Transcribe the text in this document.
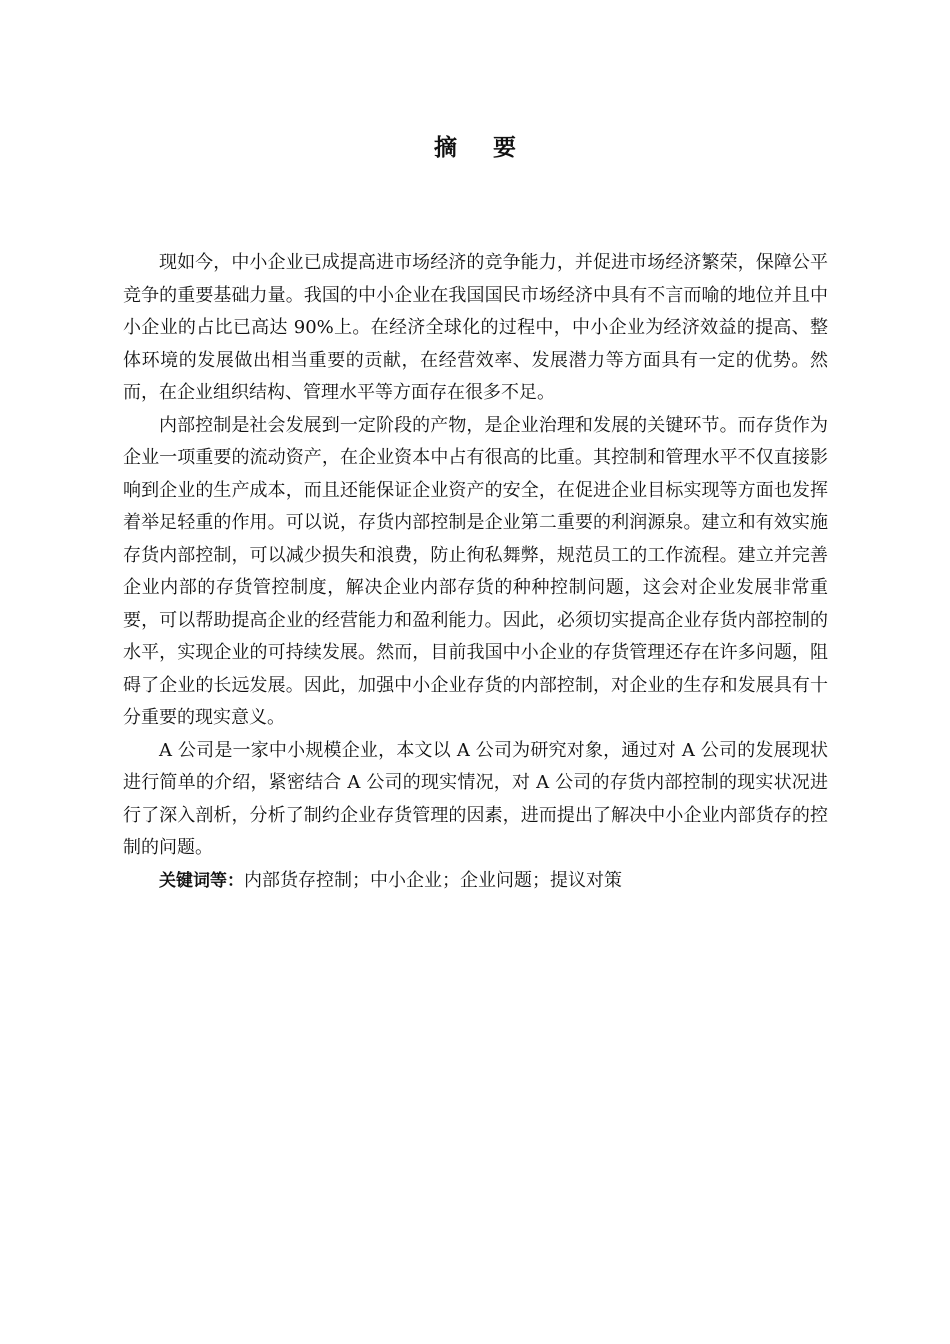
摘 要

现如今，中小企业已成提高进市场经济的竞争能力，并促进市场经济繁荣，保障公平竞争的重要基础力量。我国的中小企业在我国国民市场经济中具有不言而喻的地位并且中小企业的占比已高达 90%上。在经济全球化的过程中，中小企业为经济效益的提高、整体环境的发展做出相当重要的贡献，在经营效率、发展潜力等方面具有一定的优势。然而，在企业组织结构、管理水平等方面存在很多不足。

内部控制是社会发展到一定阶段的产物，是企业治理和发展的关键环节。而存货作为企业一项重要的流动资产，在企业资本中占有很高的比重。其控制和管理水平不仅直接影响到企业的生产成本，而且还能保证企业资产的安全，在促进企业目标实现等方面也发挥着举足轻重的作用。可以说，存货内部控制是企业第二重要的利润源泉。建立和有效实施存货内部控制，可以减少损失和浪费，防止徇私舞弊，规范员工的工作流程。建立并完善企业内部的存货管控制度，解决企业内部存货的种种控制问题，这会对企业发展非常重要，可以帮助提高企业的经营能力和盈利能力。因此，必须切实提高企业存货内部控制的水平，实现企业的可持续发展。然而，目前我国中小企业的存货管理还存在许多问题，阻碍了企业的长远发展。因此，加强中小企业存货的内部控制，对企业的生存和发展具有十分重要的现实意义。

A 公司是一家中小规模企业，本文以 A 公司为研究对象，通过对 A 公司的发展现状进行简单的介绍，紧密结合 A 公司的现实情况，对 A 公司的存货内部控制的现实状况进行了深入剖析，分析了制约企业存货管理的因素，进而提出了解决中小企业内部货存的控制的问题。

关键词等：内部货存控制；中小企业；企业问题；提议对策
